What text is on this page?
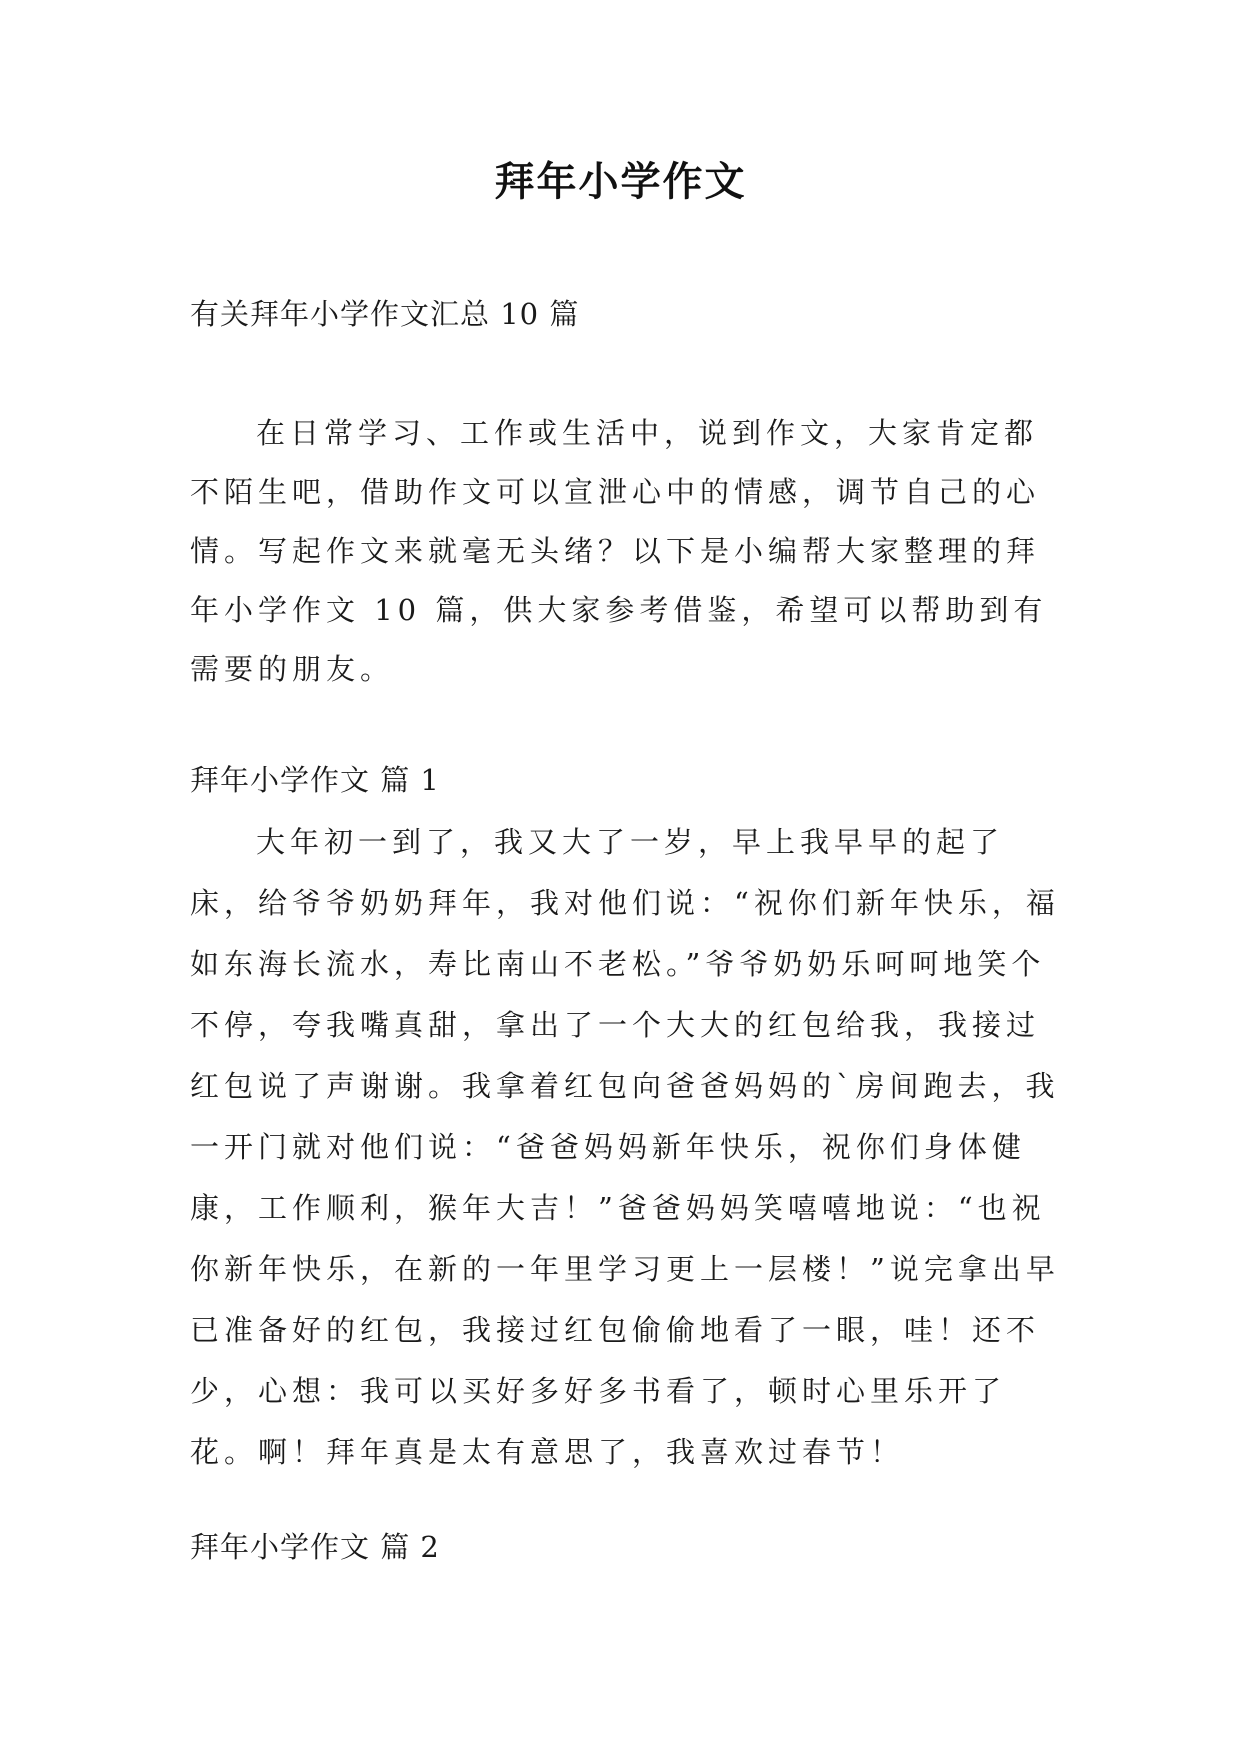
拜年小学作文
有关拜年小学作文汇总 10 篇

在日常学习、工作或生活中，说到作文，大家肯定都不陌生吧，借助作文可以宣泄心中的情感，调节自己的心情。写起作文来就毫无头绪？以下是小编帮大家整理的拜年小学作文 10 篇，供大家参考借鉴，希望可以帮助到有需要的朋友。

拜年小学作文 篇 1

大年初一到了，我又大了一岁，早上我早早的起了床，给爷爷奶奶拜年，我对他们说：“祝你们新年快乐，福如东海长流水，寿比南山不老松。”爷爷奶奶乐呵呵地笑个不停，夸我嘴真甜，拿出了一个大大的红包给我，我接过红包说了声谢谢。我拿着红包向爸爸妈妈的`房间跑去，我一开门就对他们说：“爸爸妈妈新年快乐，祝你们身体健康，工作顺利，猴年大吉！”爸爸妈妈笑嘻嘻地说：“也祝你新年快乐，在新的一年里学习更上一层楼！”说完拿出早已准备好的红包，我接过红包偷偷地看了一眼，哇！还不少，心想：我可以买好多好多书看了，顿时心里乐开了花。啊！拜年真是太有意思了，我喜欢过春节！

拜年小学作文 篇 2
